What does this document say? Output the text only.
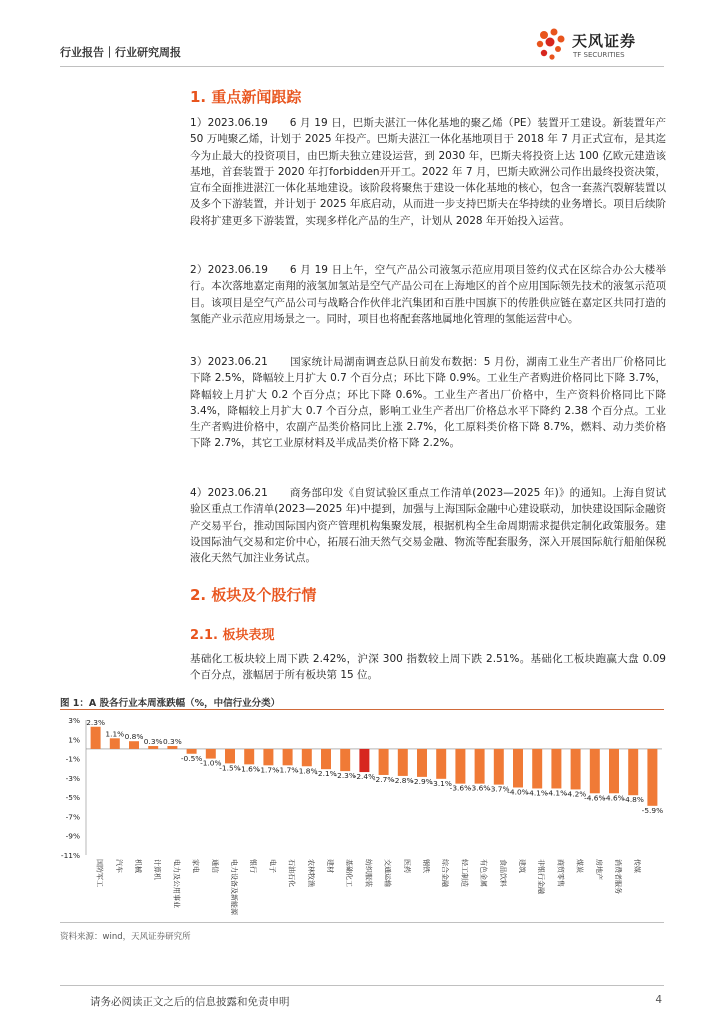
行业报告｜行业研究周报
天风证券
TF SECURITIES
1. 重点新闻跟踪
1）2023.06.19 6 月 19 日，巴斯夫湛江一体化基地的聚乙烯（PE）装置开工建设。新装置年产 50 万吨聚乙烯，计划于 2025 年投产。巴斯夫湛江一体化基地项目于 2018 年 7 月正式宣布，是其迄今为止最大的投资项目，由巴斯夫独立建设运营，到 2030 年，巴斯夫将投资上达 100 亿欧元建造该基地，首套装置于 2020 年打forbidden开开工。2022 年 7 月，巴斯夫欧洲公司作出最终投资决策，宣布全面推进湛江一体化基地建设。该阶段将聚焦于建设一体化基地的核心，包含一套蒸汽裂解装置以及多个下游装置，并计划于 2025 年底启动，从而进一步支持巴斯夫在华持续的业务增长。项目后续阶段将扩建更多下游装置，实现多样化产品的生产，计划从 2028 年开始投入运营。
2）2023.06.19 6 月 19 日上午，空气产品公司液氢示范应用项目签约仪式在区综合办公大楼举行。本次落地嘉定南翔的液氢加氢站是空气产品公司在上海地区的首个应用国际领先技术的液氢示范项目。该项目是空气产品公司与战略合作伙伴北汽集团和百胜中国旗下的传胜供应链在嘉定区共同打造的氢能产业示范应用场景之一。同时，项目也将配套落地属地化管理的氢能运营中心。
3）2023.06.21 国家统计局湖南调查总队日前发布数据：5 月份，湖南工业生产者出厂价格同比下降 2.5%，降幅较上月扩大 0.7 个百分点；环比下降 0.9%。工业生产者购进价格同比下降 3.7%，降幅较上月扩大 0.2 个百分点；环比下降 0.6%。工业生产者出厂价格中，生产资料价格同比下降 3.4%，降幅较上月扩大 0.7 个百分点，影响工业生产者出厂价格总水平下降约 2.38 个百分点。工业生产者购进价格中，农副产品类价格同比上涨 2.7%，化工原料类价格下降 8.7%，燃料、动力类价格下降 2.7%，其它工业原材料及半成品类价格下降 2.2%。
4）2023.06.21 商务部印发《自贸试验区重点工作清单(2023—2025 年)》的通知。上海自贸试验区重点工作清单(2023—2025 年)中提到，加强与上海国际金融中心建设联动，加快建设国际金融资产交易平台，推动国际国内资产管理机构集聚发展，根据机构全生命周期需求提供定制化政策服务。建设国际油气交易和定价中心，拓展石油天然气交易金融、物流等配套服务，深入开展国际航行船舶保税液化天然气加注业务试点。
2. 板块及个股行情
2.1. 板块表现
基础化工板块较上周下跌 2.42%，沪深 300 指数较上周下跌 2.51%。基础化工板块跑赢大盘 0.09 个百分点，涨幅居于所有板块第 15 位。
图 1：A 股各行业本周涨跌幅（%，中信行业分类）
3%
1%
-1%
-3%
-5%
-7%
-9%
-11%
2.3%
1.1% 0.8%
0.3% 0.3%
-0.5%
-1.0%
-1.5%
-1.6%
-1.7%
-1.7%
-1.8%
-2.1%
-2.3%
-2.4%
-2.7%
-2.8%
-2.9%
-3.1%
-3.6%
-3.6%
-3.7%
-4.0%
-4.1%
-4.1%
-4.2%
-4.6%
-4.6%
-4.8%
-5.9%
国防军工 汽车 机械 计算机 电力及公用事业 家电 通信 电力设备及新能源 银行 电子 石油石化 农林牧渔 建材 基础化工 纺织服装 交通运输 医药 钢铁 综合金融 轻工制造 有色金属 食品饮料 建筑 非银行金融 商贸零售 煤炭 房地产 消费者服务 传媒
资料来源：wind，天风证券研究所
请务必阅读正文之后的信息披露和免责申明	4
